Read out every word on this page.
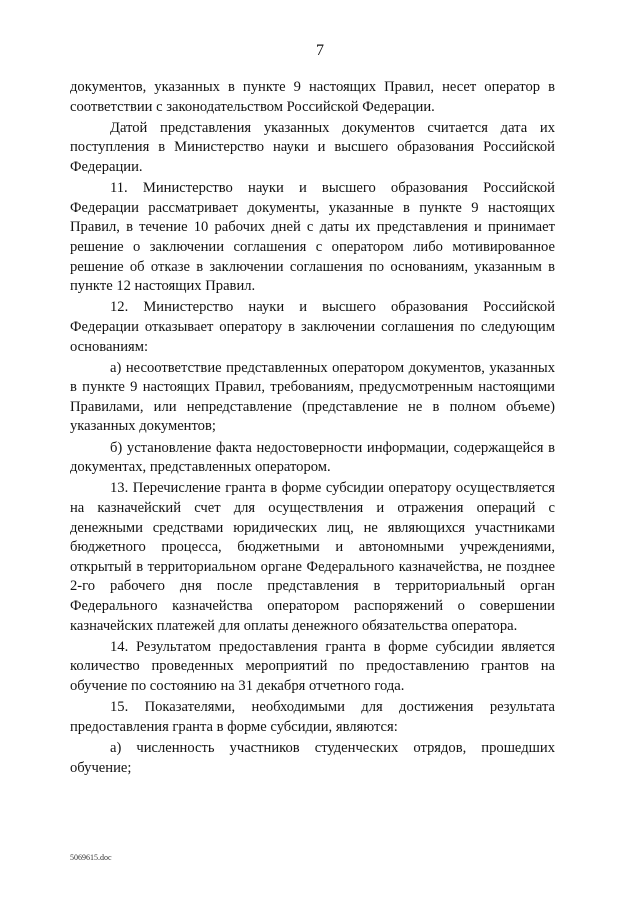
7

документов, указанных в пункте 9 настоящих Правил, несет оператор в соответствии с законодательством Российской Федерации.

Датой представления указанных документов считается дата их поступления в Министерство науки и высшего образования Российской Федерации.

11. Министерство науки и высшего образования Российской Федерации рассматривает документы, указанные в пункте 9 настоящих Правил, в течение 10 рабочих дней с даты их представления и принимает решение о заключении соглашения с оператором либо мотивированное решение об отказе в заключении соглашения по основаниям, указанным в пункте 12 настоящих Правил.

12. Министерство науки и высшего образования Российской Федерации отказывает оператору в заключении соглашения по следующим основаниям:

а) несоответствие представленных оператором документов, указанных в пункте 9 настоящих Правил, требованиям, предусмотренным настоящими Правилами, или непредставление (представление не в полном объеме) указанных документов;

б) установление факта недостоверности информации, содержащейся в документах, представленных оператором.

13. Перечисление гранта в форме субсидии оператору осуществляется на казначейский счет для осуществления и отражения операций с денежными средствами юридических лиц, не являющихся участниками бюджетного процесса, бюджетными и автономными учреждениями, открытый в территориальном органе Федерального казначейства, не позднее 2-го рабочего дня после представления в территориальный орган Федерального казначейства оператором распоряжений о совершении казначейских платежей для оплаты денежного обязательства оператора.

14. Результатом предоставления гранта в форме субсидии является количество проведенных мероприятий по предоставлению грантов на обучение по состоянию на 31 декабря отчетного года.

15. Показателями, необходимыми для достижения результата предоставления гранта в форме субсидии, являются:

а) численность участников студенческих отрядов, прошедших обучение;

5069615.doc
